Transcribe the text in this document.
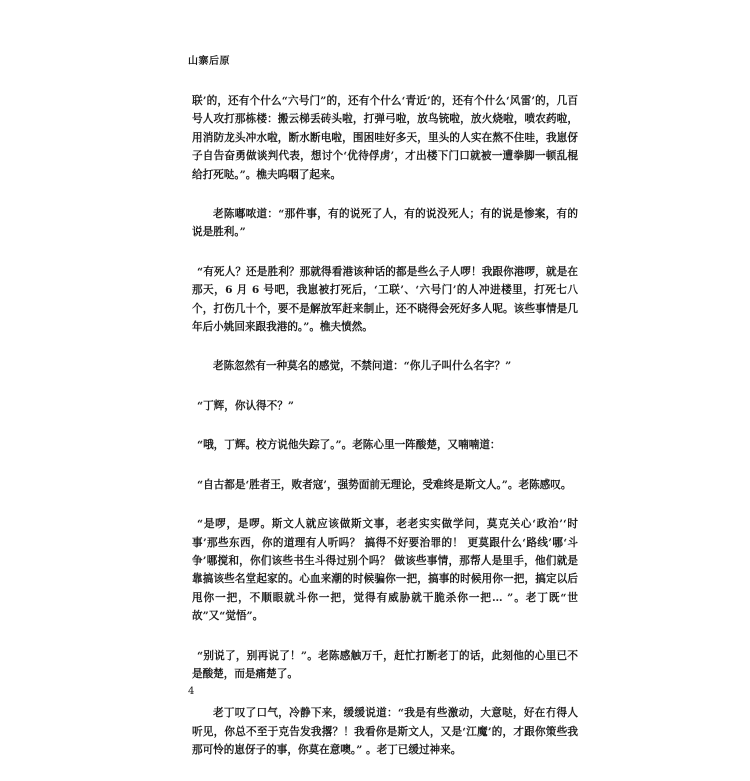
山寨后原

联’的，还有个什么“六号门”的，还有个什么‘青近’的，还有个什么‘风雷’的，几百号人攻打那栋楼：搬云梯丢砖头啦，打弹弓啦，放鸟铳啦，放火烧啦，喷农药啦，用消防龙头冲水啦，断水断电啦，围困哇好多天，里头的人实在熬不住哇，我崽伢子自告奋勇做谈判代表，想讨个‘优待俘虏’，才出楼下门口就被一遭拳脚一顿乱棍给打死哒。”。樵夫呜咽了起来。

老陈嘟哝道：“那件事，有的说死了人，有的说没死人；有的说是惨案，有的说是胜利。”

“有死人？还是胜利？那就得看港该种话的都是些么子人啰！我跟你港啰，就是在那天，6 月 6 号吧，我崽被打死后，‘工联’、‘六号门’的人冲进楼里，打死七八个，打伤几十个，要不是解放军赶来制止，还不晓得会死好多人呢。该些事情是几年后小姚回来跟我港的。”。樵夫愤然。

老陈忽然有一种莫名的感觉，不禁问道：“你儿子叫什么名字？”

“丁辉，你认得不？”

“哦，丁辉。校方说他失踪了。”。老陈心里一阵酸楚，又喃喃道：

“自古都是‘胜者王，败者寇’，强势面前无理论，受难终是斯文人。”。老陈感叹。

“是啰，是啰。斯文人就应该做斯文事，老老实实做学问，莫克关心‘政治’‘时事’那些东西，你的道理有人听吗？ 搞得不好要治罪的！ 更莫跟什么‘路线’哪‘斗争’哪搅和，你们该些书生斗得过别个吗？ 做该些事情，那帮人是里手，他们就是靠搞该些名堂起家的。心血来潮的时候骗你一把，搞事的时候用你一把，搞定以后甩你一把，不顺眼就斗你一把，觉得有威胁就干脆杀你一把… ”。老丁既“世故”又“觉悟”。

“别说了，别再说了！”。老陈感触万千，赶忙打断老丁的话，此刻他的心里已不是酸楚，而是痛楚了。

老丁叹了口气，冷静下来，缓缓说道：“我是有些激动，大意哒，好在冇得人听见，你总不至于克告发我撂？！我看你是斯文人，又是‘江魔’的，才跟你策些我那可怜的崽伢子的事，你莫在意噢。” 。老丁已缓过神来。

4
